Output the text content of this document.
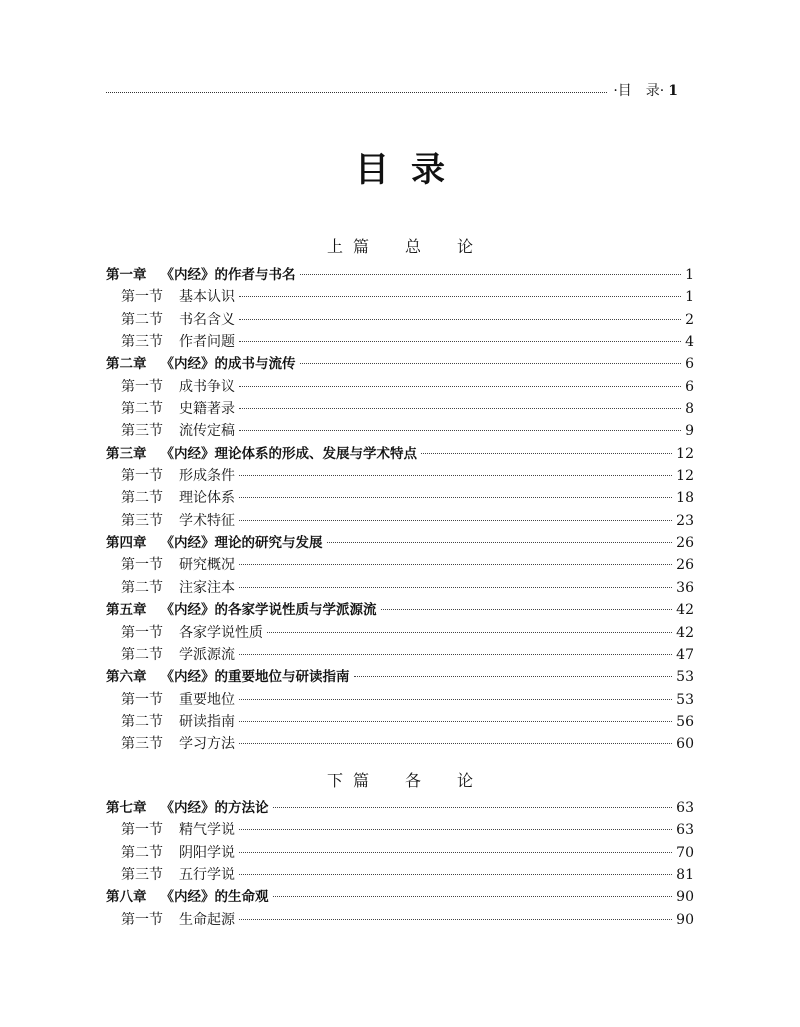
·目　录· 1
目录
上篇　总　论
第一章 《内经》的作者与书名	1
第一节 基本认识	1
第二节 书名含义	2
第三节 作者问题	4
第二章 《内经》的成书与流传	6
第一节 成书争议	6
第二节 史籍著录	8
第三节 流传定稿	9
第三章 《内经》理论体系的形成、发展与学术特点	12
第一节 形成条件	12
第二节 理论体系	18
第三节 学术特征	23
第四章 《内经》理论的研究与发展	26
第一节 研究概况	26
第二节 注家注本	36
第五章 《内经》的各家学说性质与学派源流	42
第一节 各家学说性质	42
第二节 学派源流	47
第六章 《内经》的重要地位与研读指南	53
第一节 重要地位	53
第二节 研读指南	56
第三节 学习方法	60
下篇　各　论
第七章 《内经》的方法论	63
第一节 精气学说	63
第二节 阴阳学说	70
第三节 五行学说	81
第八章 《内经》的生命观	90
第一节 生命起源	90
